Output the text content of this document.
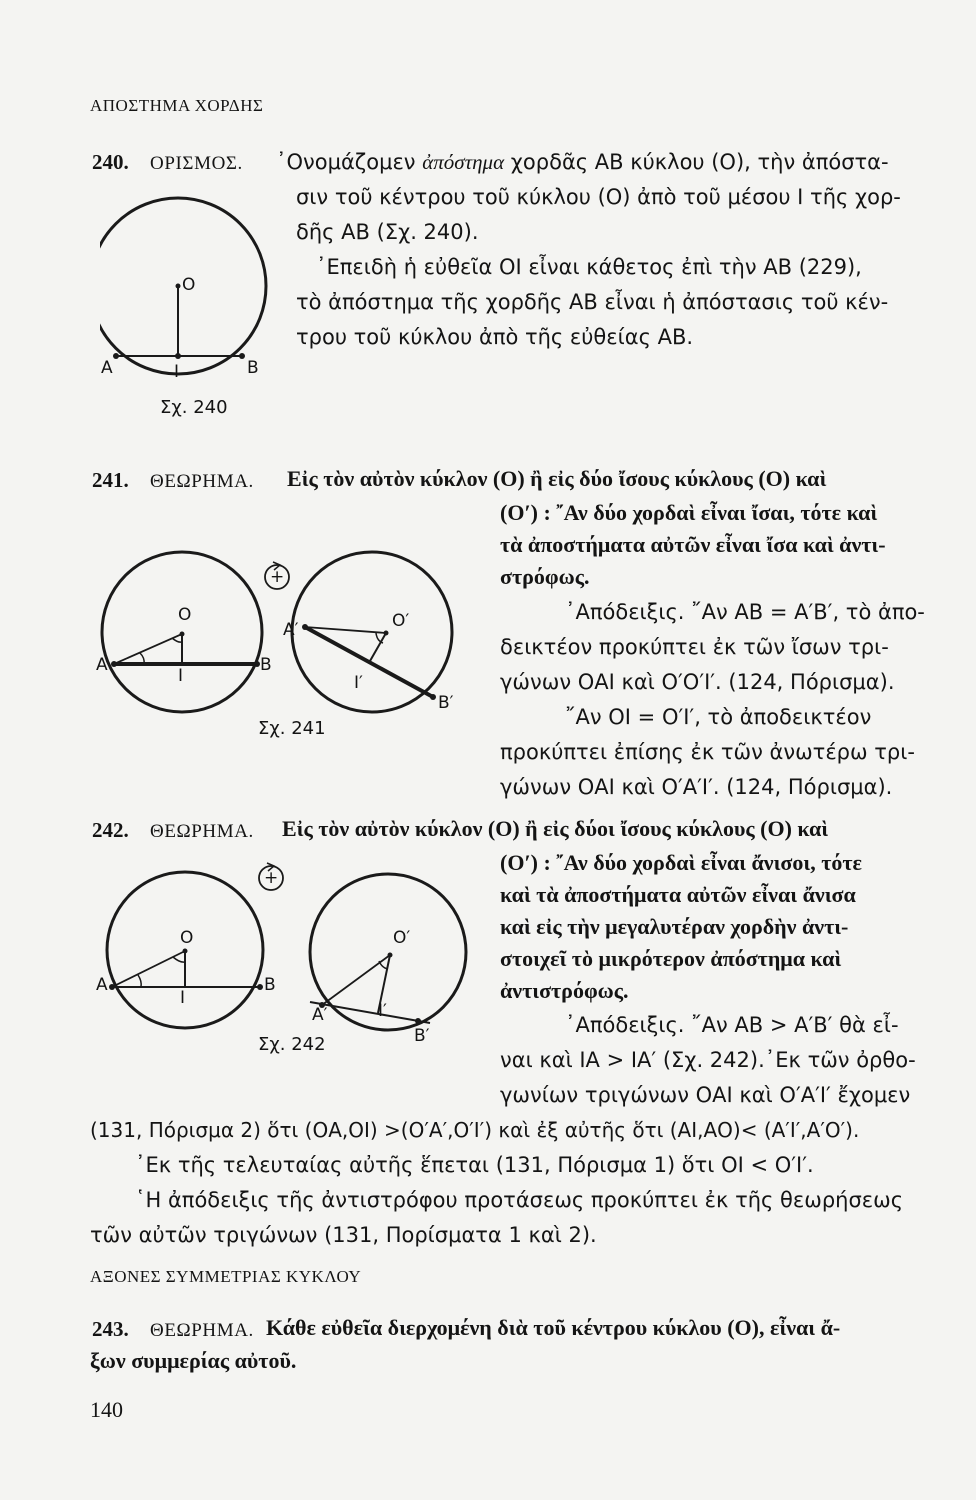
ΑΠΟΣΤΗΜΑ ΧΟΡΔΗΣ
240. ΟΡΙΣΜΟΣ. ᾿Ονομάζομεν ἀπόστημα χορδᾶς ΑΒ κύκλου (Ο), τὴν ἀπόστα-
σιν τοῦ κέντρου τοῦ κύκλου (Ο) ἀπὸ τοῦ μέσου Ι τῆς χορ-
δῆς ΑΒ (Σχ. 240).
᾿Επειδὴ ἡ εὐθεῖα ΟΙ εἶναι κάθετος ἐπὶ τὴν ΑΒ (229),
τὸ ἀπόστημα τῆς χορδῆς ΑΒ εἶναι ἡ ἀπόστασις τοῦ κέν-
τρου τοῦ κύκλου ἀπὸ τῆς εὐθείας ΑΒ.
O
A	B
I
Σχ. 240
241. ΘΕΩΡΗΜΑ. Εἰς τὸν αὐτὸν κύκλον (Ο) ἢ εἰς δύο ἴσους κύκλους (Ο) καὶ
(Ο′) : ῎Αν δύο χορδαὶ εἶναι ἴσαι, τότε καὶ
τὰ ἀποστήματα αὐτῶν εἶναι ἴσα καὶ ἀντι-
στρόφως.
᾿Απόδειξις. ῎Αν ΑΒ = Α′Β′, τὸ ἀπο-
δεικτέον προκύπτει ἐκ τῶν ἴσων τρι-
γώνων ΟΑΙ καὶ Ο′Ο′Ι′. (124, Πόρισμα).
῎Αν ΟΙ = Ο′Ι′, τὸ ἀποδεικτέον
προκύπτει ἐπίσης ἐκ τῶν ἀνωτέρω τρι-
γώνων ΟΑΙ καὶ Ο′Α′Ι′. (124, Πόρισμα).
+
O
A	B
I
O′
A′
B′
I′
Σχ. 241
242. ΘΕΩΡΗΜΑ. Εἰς τὸν αὐτὸν κύκλον (Ο) ἢ εἰς δύοι ἴσους κύκλους (Ο) καὶ
(Ο′) : ῎Αν δύο χορδαὶ εἶναι ἄνισοι, τότε
καὶ τὰ ἀποστήματα αὐτῶν εἶναι ἄνισα
καὶ εἰς τὴν μεγαλυτέραν χορδὴν ἀντι-
στοιχεῖ τὸ μικρότερον ἀπόστημα καὶ
ἀντιστρόφως.
᾿Απόδειξις. ῎Αν ΑΒ > Α′Β′ θὰ εἶ-
ναι καὶ ΙΑ > ΙΑ′ (Σχ. 242).᾿Εκ τῶν ὀρθο-
γωνίων τριγώνων ΟΑΙ καὶ Ο′Α′Ι′ ἔχομεν
(131, Πόρισμα 2) ὅτι (ΟΑ,ΟΙ) >(Ο′Α′,Ο′Ι′) καὶ ἐξ αὐτῆς ὅτι (ΑΙ,ΑΟ)< (Α′Ι′,Α′Ο′).
᾿Εκ τῆς τελευταίας αὐτῆς ἕπεται (131, Πόρισμα 1) ὅτι ΟΙ < Ο′Ι′.
῾Η ἀπόδειξις τῆς ἀντιστρόφου προτάσεως προκύπτει ἐκ τῆς θεωρήσεως
τῶν αὐτῶν τριγώνων (131, Πορίσματα 1 καὶ 2).
+
O
A	B
I
O′
A′
B′
I′
Σχ. 242
ΑΞΟΝΕΣ ΣΥΜΜΕΤΡΙΑΣ ΚΥΚΛΟΥ
243. ΘΕΩΡΗΜΑ. Κάθε εὐθεῖα διερχομένη διὰ τοῦ κέντρου κύκλου (Ο), εἶναι ἄ-
ξων συμμερίας αὐτοῦ.
140
